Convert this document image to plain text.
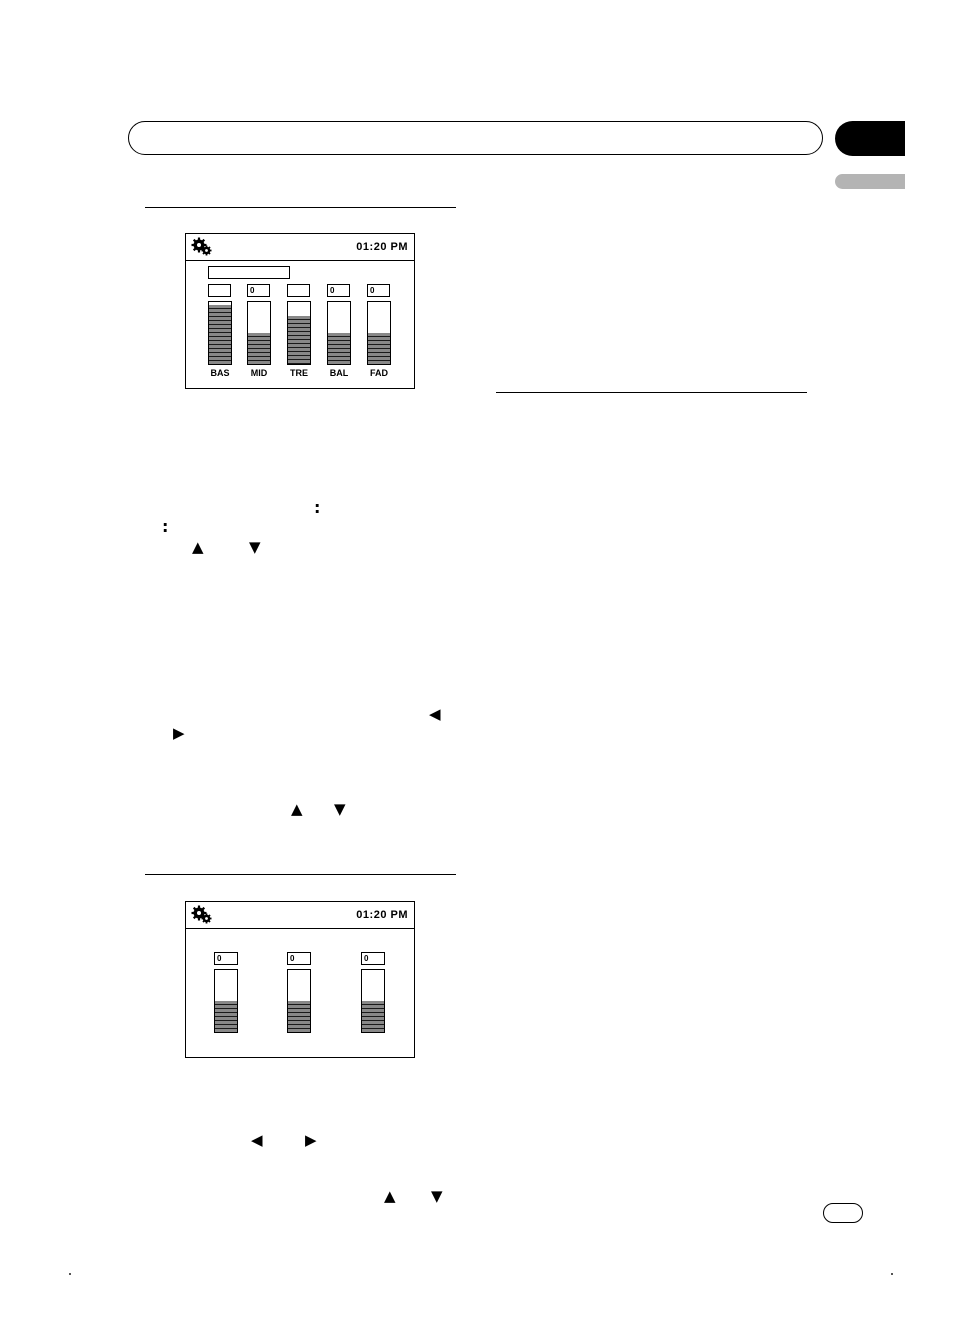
01:20 PM
BAS
0
MID	TRE
0
BAL
0
FAD
01:20 PM
0	0	0
:
:
▲	▼
◀
▶
▲ ▼
◀	▶
▲ ▼
